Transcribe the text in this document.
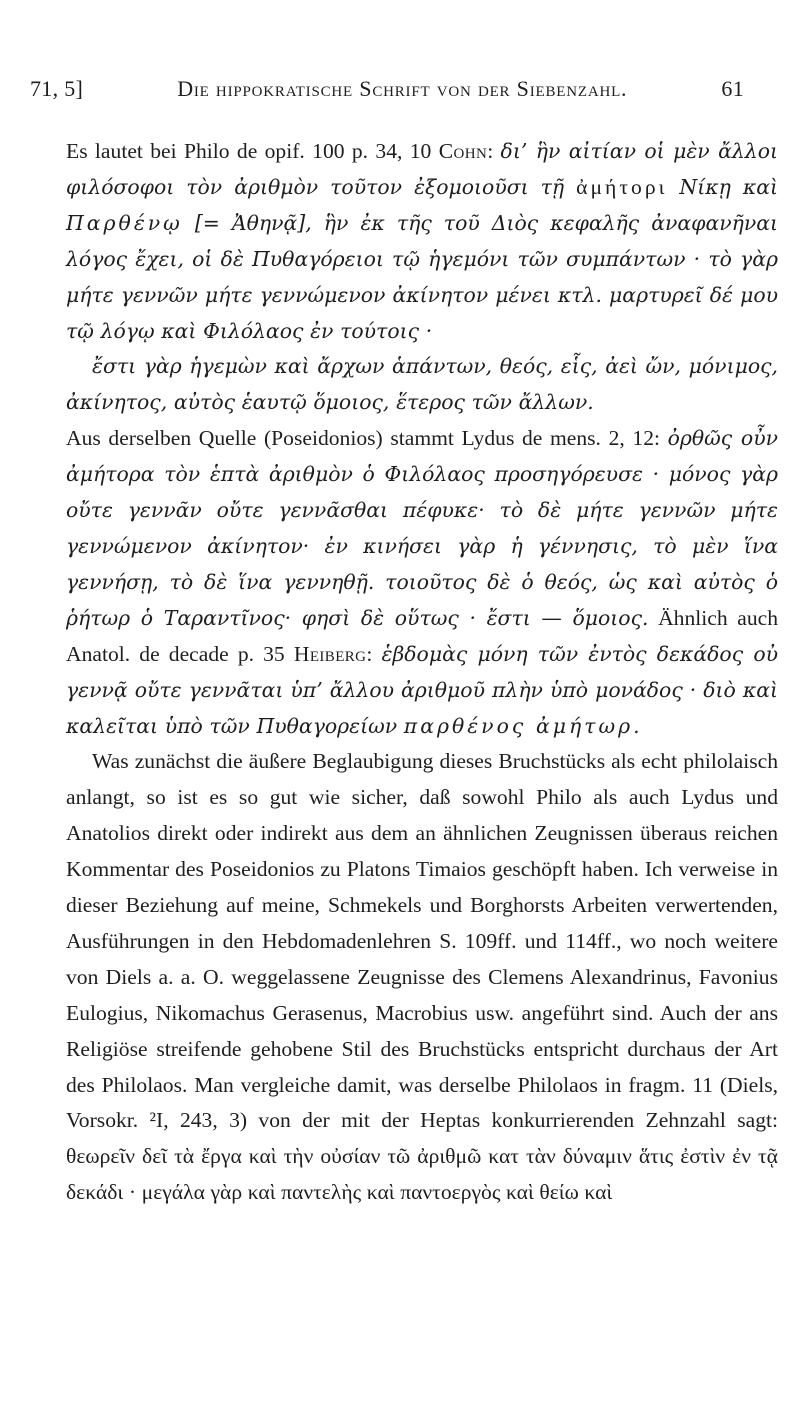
71, 5]	Die hippokratische Schrift von der Siebenzahl.	61

Es lautet bei Philo de opif. 100 p. 34, 10 Cohn: δι’ ἣν αἰτίαν οἱ μὲν ἄλλοι φιλόσοφοι τὸν ἀριθμὸν τοῦτον ἐξομοιοῦσι τῇ ἀμήτορι Νίκῃ καὶ Παρθένῳ [= Ἀθηνᾷ], ἣν ἐκ τῆς τοῦ Διὸς κεφαλῆς ἀναφανῆναι λόγος ἔχει, οἱ δὲ Πυθαγόρειοι τῷ ἡγεμόνι τῶν συμπάντων · τὸ γὰρ μήτε γεννῶν μήτε γεννώμενον ἀκίνητον μένει κτλ. μαρτυρεῖ δέ μου τῷ λόγῳ καὶ Φιλόλαος ἐν τούτοις ·
ἔστι γὰρ ἡγεμὼν καὶ ἄρχων ἁπάντων, θεός, εἷς, ἀεὶ ὤν, μόνιμος, ἀκίνητος, αὐτὸς ἑαυτῷ ὅμοιος, ἕτερος τῶν ἄλλων.
Aus derselben Quelle (Poseidonios) stammt Lydus de mens. 2, 12: ὀρθῶς οὖν ἀμήτορα τὸν ἑπτὰ ἀριθμὸν ὁ Φιλόλαος προσηγόρευσε · μόνος γὰρ οὔτε γεννᾶν οὔτε γεννᾶσθαι πέφυκε· τὸ δὲ μήτε γεννῶν μήτε γεννώμενον ἀκίνητον· ἐν κινήσει γὰρ ἡ γέννησις, τὸ μὲν ἵνα γεννήσῃ, τὸ δὲ ἵνα γεννηθῇ. τοιοῦτος δὲ ὁ θεός, ὡς καὶ αὐτὸς ὁ ῥήτωρ ὁ Ταραντῖνος· φησὶ δὲ οὕτως · ἔστι — ὅμοιος. Ähnlich auch Anatol. de decade p. 35 Heiberg: ἑβδομὰς μόνη τῶν ἐντὸς δεκάδος οὐ γεννᾷ οὔτε γεννᾶται ὑπ’ ἄλλου ἀριθμοῦ πλὴν ὑπὸ μονάδος · διὸ καὶ καλεῖται ὑπὸ τῶν Πυθαγορείων παρθένος ἀμήτωρ.
Was zunächst die äußere Beglaubigung dieses Bruchstücks als echt philolaisch anlangt, so ist es so gut wie sicher, daß sowohl Philo als auch Lydus und Anatolios direkt oder indirekt aus dem an ähnlichen Zeugnissen überaus reichen Kommentar des Poseidonios zu Platons Timaios geschöpft haben. Ich verweise in dieser Beziehung auf meine, Schmekels und Borghorsts Arbeiten verwertenden, Ausführungen in den Hebdomadenlehren S. 109ff. und 114ff., wo noch weitere von Diels a. a. O. weggelassene Zeugnisse des Clemens Alexandrinus, Favonius Eulogius, Nikomachus Gerasenus, Macrobius usw. angeführt sind. Auch der ans Religiöse streifende gehobene Stil des Bruchstücks entspricht durchaus der Art des Philolaos. Man vergleiche damit, was derselbe Philolaos in fragm. 11 (Diels, Vorsokr. ²I, 243, 3) von der mit der Heptas konkurrierenden Zehnzahl sagt: θεωρεῖν δεῖ τὰ ἔργα καὶ τὴν οὐσίαν τῶ ἀριθμῶ κατ τὰν δύναμιν ἅτις ἐστὶν ἐν τᾷ δεκάδι · μεγάλα γὰρ καὶ παντελὴς καὶ παντοεργὸς καὶ θείω καὶ
